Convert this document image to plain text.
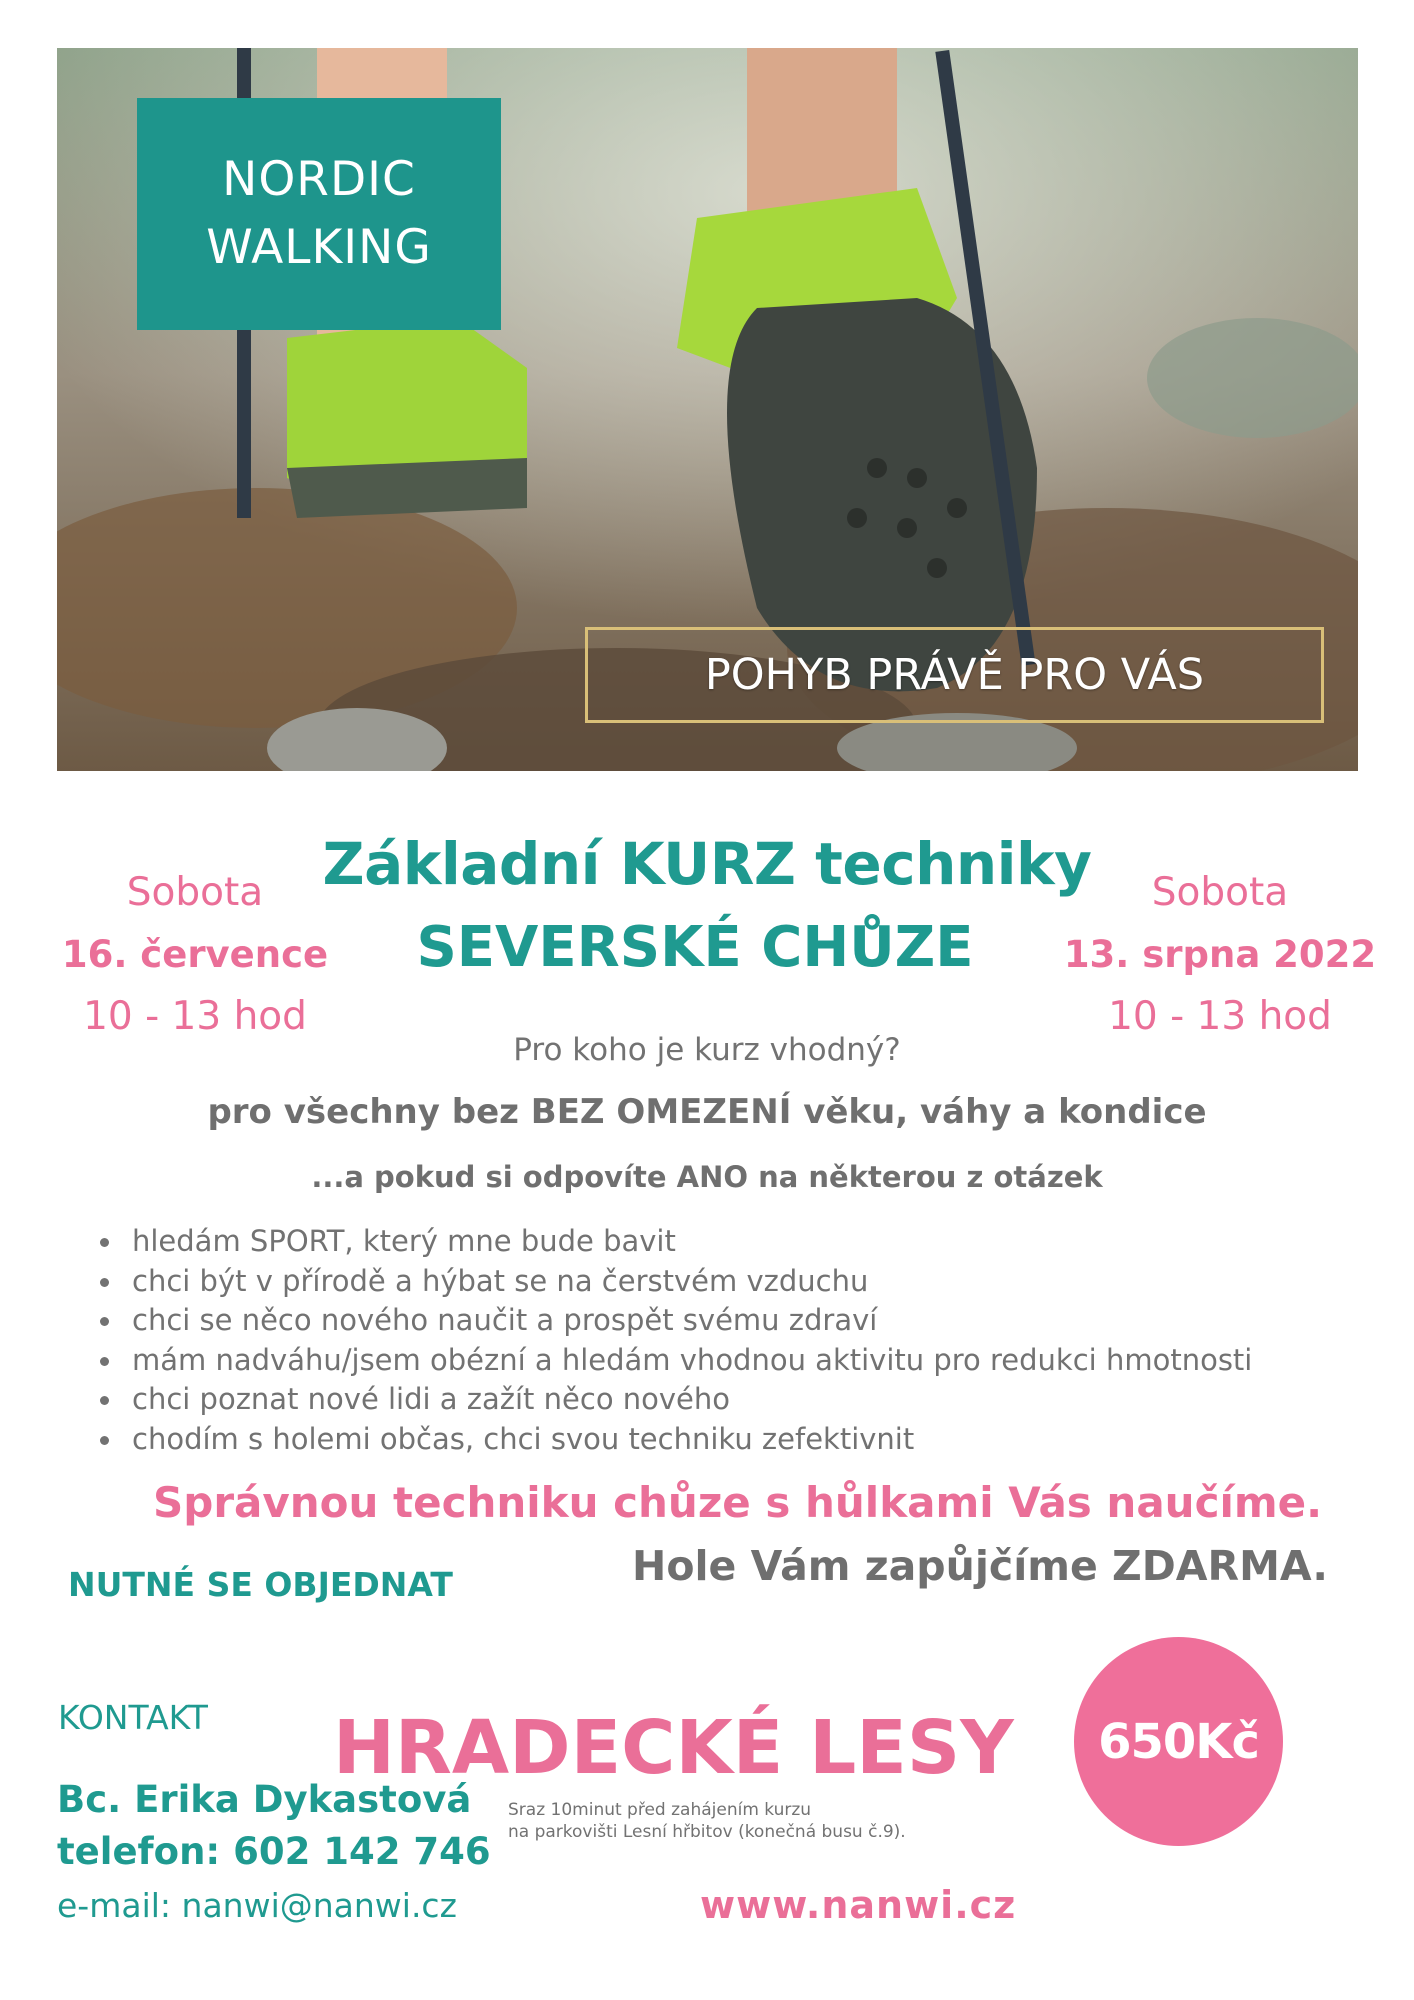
NORDIC
WALKING
POHYB PRÁVĚ PRO VÁS
Základní KURZ techniky
SEVERSKÉ CHŮZE
Sobota
16. července
10 - 13 hod
Sobota
13. srpna 2022
10 - 13 hod
Pro koho je kurz vhodný?
pro všechny bez BEZ OMEZENÍ věku, váhy a kondice
...a pokud si odpovíte ANO na některou z otázek
hledám SPORT, který mne bude bavit
chci být v přírodě a hýbat se na čerstvém vzduchu
chci se něco nového naučit a prospět svému zdraví
mám nadváhu/jsem obézní a hledám vhodnou aktivitu pro redukci hmotnosti
chci poznat nové lidi a zažít něco nového
chodím s holemi občas, chci svou techniku zefektivnit
Správnou techniku chůze s hůlkami Vás naučíme.
NUTNÉ SE OBJEDNAT	Hole Vám zapůjčíme ZDARMA.
KONTAKT
Bc. Erika Dykastová
telefon: 602 142 746
e-mail: nanwi@nanwi.cz
HRADECKÉ LESY
Sraz 10minut před zahájením kurzu
na parkovišti Lesní hřbitov (konečná busu č.9).
www.nanwi.cz
650Kč
